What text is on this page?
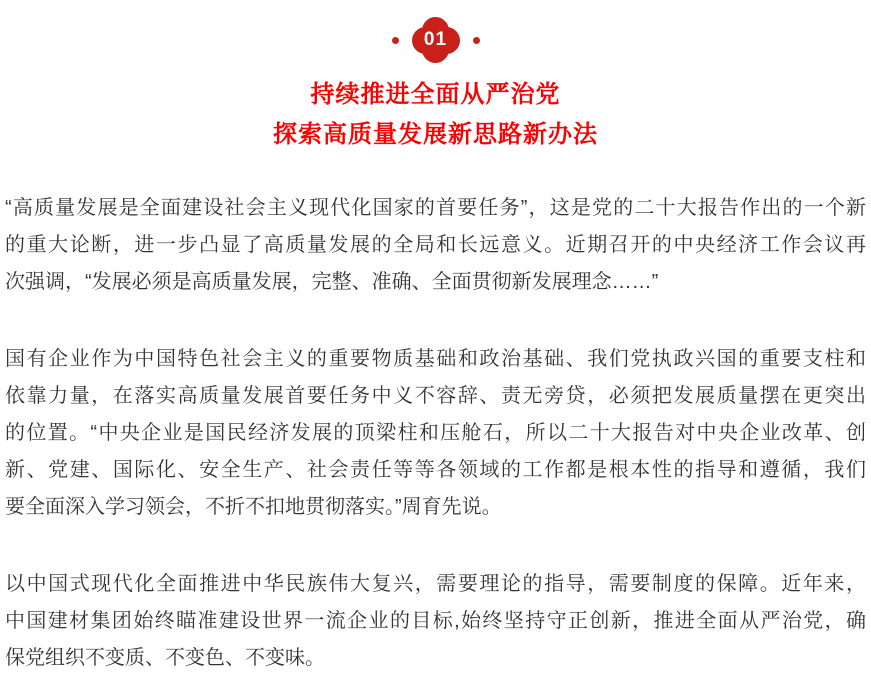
01
持续推进全面从严治党
探索高质量发展新思路新办法

“高质量发展是全面建设社会主义现代化国家的首要任务”，这是党的二十大报告作出的一个新
的重大论断，进一步凸显了高质量发展的全局和长远意义。近期召开的中央经济工作会议再
次强调，“发展必须是高质量发展，完整、准确、全面贯彻新发展理念……”

国有企业作为中国特色社会主义的重要物质基础和政治基础、我们党执政兴国的重要支柱和
依靠力量，在落实高质量发展首要任务中义不容辞、责无旁贷，必须把发展质量摆在更突出
的位置。“中央企业是国民经济发展的顶梁柱和压舱石，所以二十大报告对中央企业改革、创
新、党建、国际化、安全生产、社会责任等等各领域的工作都是根本性的指导和遵循，我们
要全面深入学习领会，不折不扣地贯彻落实。”周育先说。

以中国式现代化全面推进中华民族伟大复兴，需要理论的指导，需要制度的保障。近年来，
中国建材集团始终瞄准建设世界一流企业的目标,始终坚持守正创新，推进全面从严治党，确
保党组织不变质、不变色、不变味。
